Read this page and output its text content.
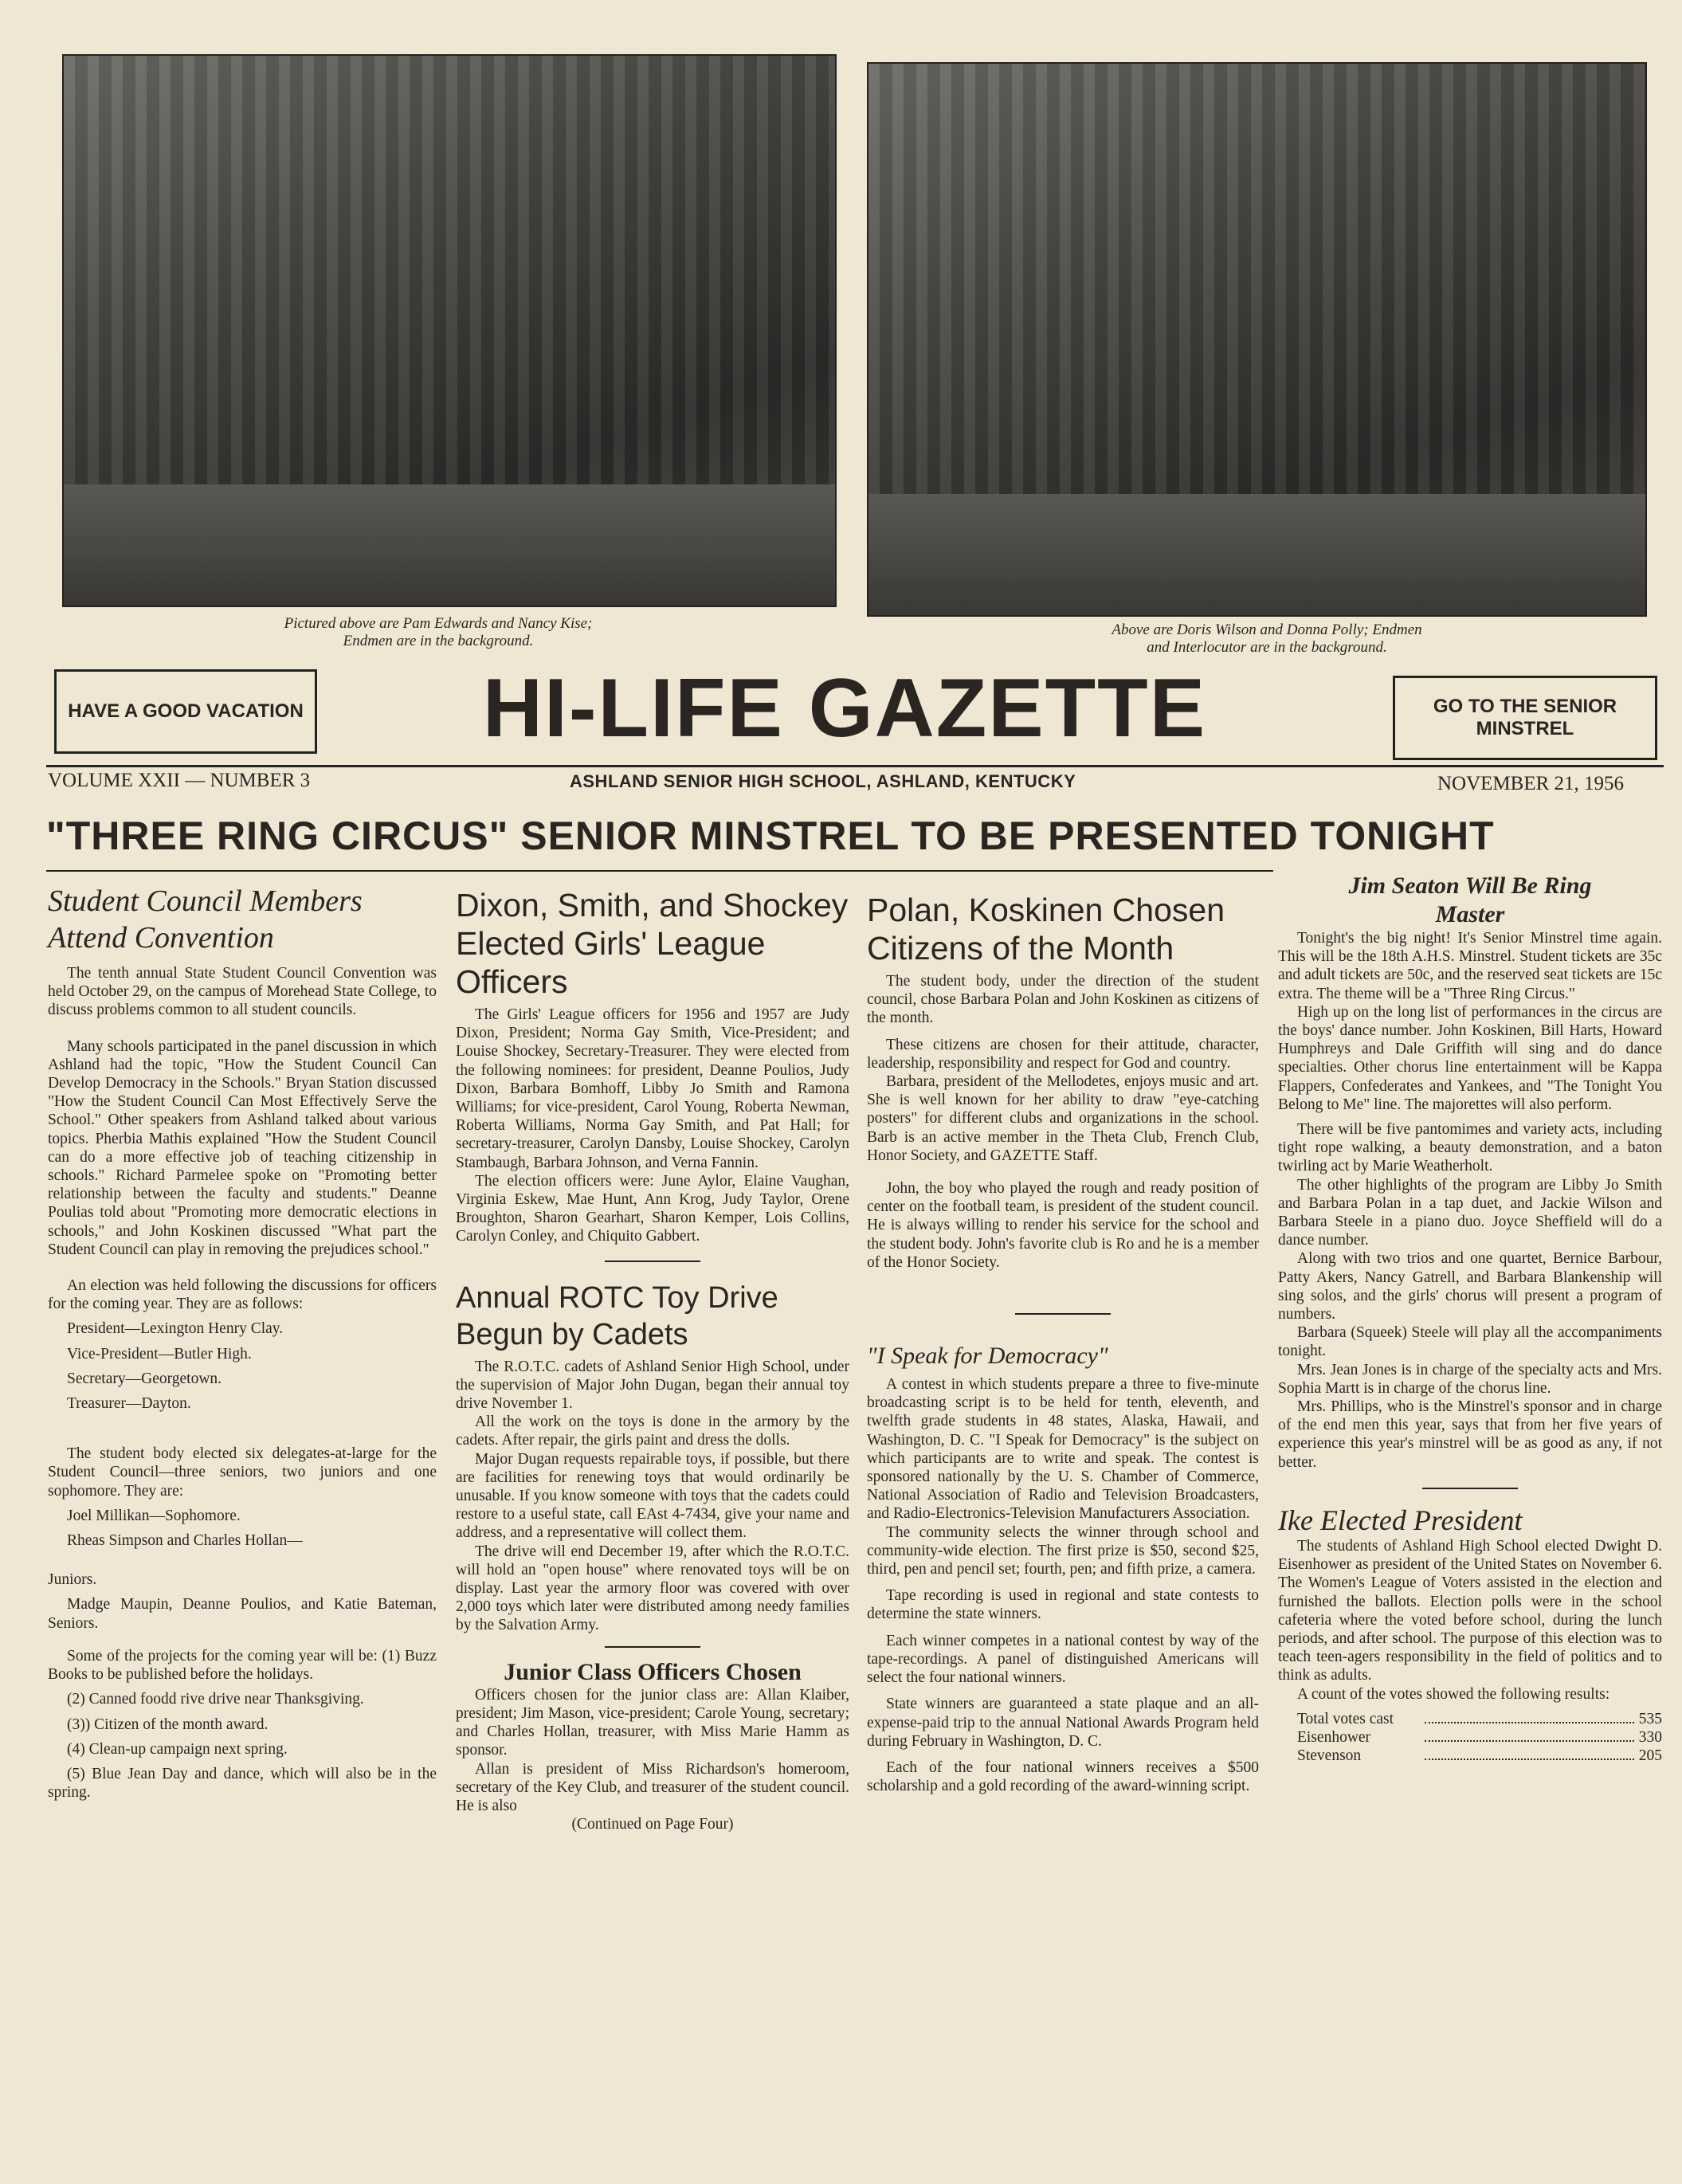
Pictured above are Pam Edwards and Nancy Kise;
Endmen are in the background.
Above are Doris Wilson and Donna Polly; Endmen
and Interlocutor are in the background.
HAVE A GOOD VACATION	HI-LIFE GAZETTE	GO TO THE SENIOR MINSTREL
VOLUME XXII — NUMBER 3	ASHLAND SENIOR HIGH SCHOOL, ASHLAND, KENTUCKY	NOVEMBER 21, 1956
"THREE RING CIRCUS" SENIOR MINSTREL TO BE PRESENTED TONIGHT
Student Council Members Attend Convention

The tenth annual State Student Council Convention was held October 29, on the campus of Morehead State College, to discuss problems common to all student councils.

Many schools participated in the panel discussion in which Ashland had the topic, "How the Student Council Can Develop Democracy in the Schools." Bryan Station discussed "How the Student Council Can Most Effectively Serve the School." Other speakers from Ashland talked about various topics. Pherbia Mathis explained "How the Student Council can do a more effective job of teaching citizenship in schools." Richard Parmelee spoke on "Promoting better relationship between the faculty and students." Deanne Poulias told about "Promoting more democratic elections in schools," and John Koskinen discussed "What part the Student Council can play in removing the prejudices school."

An election was held following the discussions for officers for the coming year. They are as follows:

President—Lexington Henry Clay.

Vice-President—Butler High.

Secretary—Georgetown.

Treasurer—Dayton.

The student body elected six delegates-at-large for the Student Council—three seniors, two juniors and one sophomore. They are:

Joel Millikan—Sophomore.

Rheas Simpson and Charles Hollan—

Juniors.

Madge Maupin, Deanne Poulios, and Katie Bateman, Seniors.

Some of the projects for the coming year will be: (1) Buzz Books to be published before the holidays.

(2) Canned foodd rive drive near Thanksgiving.

(3)) Citizen of the month award.

(4) Clean-up campaign next spring.

(5) Blue Jean Day and dance, which will also be in the spring.

Dixon, Smith, and Shockey Elected Girls' League Officers

The Girls' League officers for 1956 and 1957 are Judy Dixon, President; Norma Gay Smith, Vice-President; and Louise Shockey, Secretary-Treasurer. They were elected from the following nominees: for president, Deanne Poulios, Judy Dixon, Barbara Bomhoff, Libby Jo Smith and Ramona Williams; for vice-president, Carol Young, Roberta Newman, Roberta Williams, Norma Gay Smith, and Pat Hall; for secretary-treasurer, Carolyn Dansby, Louise Shockey, Carolyn Stambaugh, Barbara Johnson, and Verna Fannin.

The election officers were: June Aylor, Elaine Vaughan, Virginia Eskew, Mae Hunt, Ann Krog, Judy Taylor, Orene Broughton, Sharon Gearhart, Sharon Kemper, Lois Collins, Carolyn Conley, and Chiquito Gabbert.

Annual ROTC Toy Drive Begun by Cadets

The R.O.T.C. cadets of Ashland Senior High School, under the supervision of Major John Dugan, began their annual toy drive November 1.

All the work on the toys is done in the armory by the cadets. After repair, the girls paint and dress the dolls.

Major Dugan requests repairable toys, if possible, but there are facilities for renewing toys that would ordinarily be unusable. If you know someone with toys that the cadets could restore to a useful state, call EAst 4-7434, give your name and address, and a representative will collect them.

The drive will end December 19, after which the R.O.T.C. will hold an "open house" where renovated toys will be on display. Last year the armory floor was covered with over 2,000 toys which later were distributed among needy families by the Salvation Army.

Junior Class Officers Chosen

Officers chosen for the junior class are: Allan Klaiber, president; Jim Mason, vice-president; Carole Young, secretary; and Charles Hollan, treasurer, with Miss Marie Hamm as sponsor.

Allan is president of Miss Richardson's homeroom, secretary of the Key Club, and treasurer of the student council. He is also

(Continued on Page Four)
Polan, Koskinen Chosen Citizens of the Month

The student body, under the direction of the student council, chose Barbara Polan and John Koskinen as citizens of the month.

These citizens are chosen for their attitude, character, leadership, responsibility and respect for God and country.

Barbara, president of the Mellodetes, enjoys music and art. She is well known for her ability to draw "eye-catching posters" for different clubs and organizations in the school. Barb is an active member in the Theta Club, French Club, Honor Society, and GAZETTE Staff.

John, the boy who played the rough and ready position of center on the football team, is president of the student council. He is always willing to render his service for the school and the student body. John's favorite club is Ro and he is a member of the Honor Society.

"I Speak for Democracy"

A contest in which students prepare a three to five-minute broadcasting script is to be held for tenth, eleventh, and twelfth grade students in 48 states, Alaska, Hawaii, and Washington, D. C. "I Speak for Democracy" is the subject on which participants are to write and speak. The contest is sponsored nationally by the U. S. Chamber of Commerce, National Association of Radio and Television Broadcasters, and Radio-Electronics-Television Manufacturers Association.

The community selects the winner through school and community-wide election. The first prize is $50, second $25, third, pen and pencil set; fourth, pen; and fifth prize, a camera.

Tape recording is used in regional and state contests to determine the state winners.

Each winner competes in a national contest by way of the tape-recordings. A panel of distinguished Americans will select the four national winners.

State winners are guaranteed a state plaque and an all-expense-paid trip to the annual National Awards Program held during February in Washington, D. C.

Each of the four national winners receives a $500 scholarship and a gold recording of the award-winning script.

Jim Seaton Will Be Ring Master

Tonight's the big night! It's Senior Minstrel time again. This will be the 18th A.H.S. Minstrel. Student tickets are 35c and adult tickets are 50c, and the reserved seat tickets are 15c extra. The theme will be a "Three Ring Circus."

High up on the long list of performances in the circus are the boys' dance number. John Koskinen, Bill Harts, Howard Humphreys and Dale Griffith will sing and do dance specialties. Other chorus line entertainment will be Kappa Flappers, Confederates and Yankees, and "The Tonight You Belong to Me" line. The majorettes will also perform.

There will be five pantomimes and variety acts, including tight rope walking, a beauty demonstration, and a baton twirling act by Marie Weatherholt.

The other highlights of the program are Libby Jo Smith and Barbara Polan in a tap duet, and Jackie Wilson and Barbara Steele in a piano duo. Joyce Sheffield will do a dance number.

Along with two trios and one quartet, Bernice Barbour, Patty Akers, Nancy Gatrell, and Barbara Blankenship will sing solos, and the girls' chorus will present a program of numbers.

Barbara (Squeek) Steele will play all the accompaniments tonight.

Mrs. Jean Jones is in charge of the specialty acts and Mrs. Sophia Martt is in charge of the chorus line.

Mrs. Phillips, who is the Minstrel's sponsor and in charge of the end men this year, says that from her five years of experience this year's minstrel will be as good as any, if not better.

Ike Elected President

The students of Ashland High School elected Dwight D. Eisenhower as president of the United States on November 6. The Women's League of Voters assisted in the election and furnished the ballots. Election polls were in the school cafeteria where the voted before school, during the lunch periods, and after school. The purpose of this election was to teach teen-agers responsibility in the field of politics and to think as adults.

A count of the votes showed the following results:

Total votes cast	535
Eisenhower	330
Stevenson	205
